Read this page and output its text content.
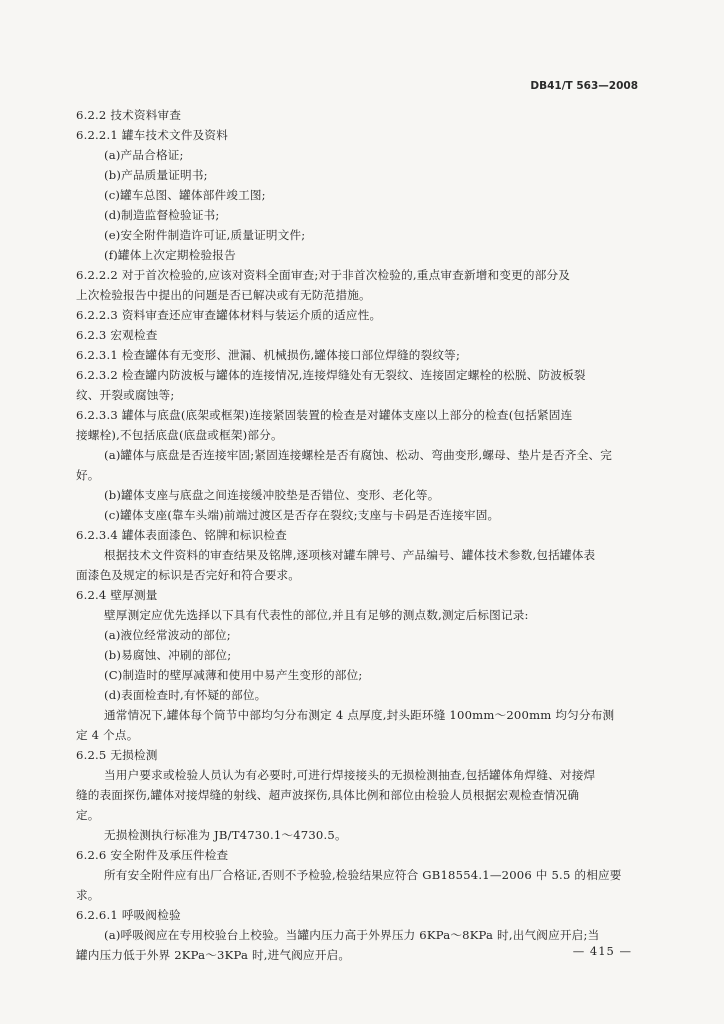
DB41/T 563—2008
6.2.2 技术资料审查
6.2.2.1 罐车技术文件及资料
(a)产品合格证;
(b)产品质量证明书;
(c)罐车总图、罐体部件竣工图;
(d)制造监督检验证书;
(e)安全附件制造许可证,质量证明文件;
(f)罐体上次定期检验报告
6.2.2.2 对于首次检验的,应该对资料全面审查;对于非首次检验的,重点审查新增和变更的部分及
上次检验报告中提出的问题是否已解决或有无防范措施。
6.2.2.3 资料审查还应审查罐体材料与装运介质的适应性。
6.2.3 宏观检查
6.2.3.1 检查罐体有无变形、泄漏、机械损伤,罐体接口部位焊缝的裂纹等;
6.2.3.2 检查罐内防波板与罐体的连接情况,连接焊缝处有无裂纹、连接固定螺栓的松脱、防波板裂
纹、开裂或腐蚀等;
6.2.3.3 罐体与底盘(底架或框架)连接紧固装置的检查是对罐体支座以上部分的检查(包括紧固连
接螺栓),不包括底盘(底盘或框架)部分。
(a)罐体与底盘是否连接牢固;紧固连接螺栓是否有腐蚀、松动、弯曲变形,螺母、垫片是否齐全、完
好。
(b)罐体支座与底盘之间连接缓冲胶垫是否错位、变形、老化等。
(c)罐体支座(靠车头端)前端过渡区是否存在裂纹;支座与卡码是否连接牢固。
6.2.3.4 罐体表面漆色、铭牌和标识检查
根据技术文件资料的审查结果及铭牌,逐项核对罐车牌号、产品编号、罐体技术参数,包括罐体表
面漆色及规定的标识是否完好和符合要求。
6.2.4 壁厚测量
壁厚测定应优先选择以下具有代表性的部位,并且有足够的测点数,测定后标图记录:
(a)液位经常波动的部位;
(b)易腐蚀、冲刷的部位;
(C)制造时的壁厚减薄和使用中易产生变形的部位;
(d)表面检查时,有怀疑的部位。
通常情况下,罐体每个筒节中部均匀分布测定 4 点厚度,封头距环缝 100mm～200mm 均匀分布测
定 4 个点。
6.2.5 无损检测
当用户要求或检验人员认为有必要时,可进行焊接接头的无损检测抽查,包括罐体角焊缝、对接焊
缝的表面探伤,罐体对接焊缝的射线、超声波探伤,具体比例和部位由检验人员根据宏观检查情况确
定。
无损检测执行标准为 JB/T4730.1～4730.5。
6.2.6 安全附件及承压件检查
所有安全附件应有出厂合格证,否则不予检验,检验结果应符合 GB18554.1—2006 中 5.5 的相应要
求。
6.2.6.1 呼吸阀检验
(a)呼吸阀应在专用校验台上校验。当罐内压力高于外界压力 6KPa～8KPa 时,出气阀应开启;当
罐内压力低于外界 2KPa～3KPa 时,进气阀应开启。	— 415 —
